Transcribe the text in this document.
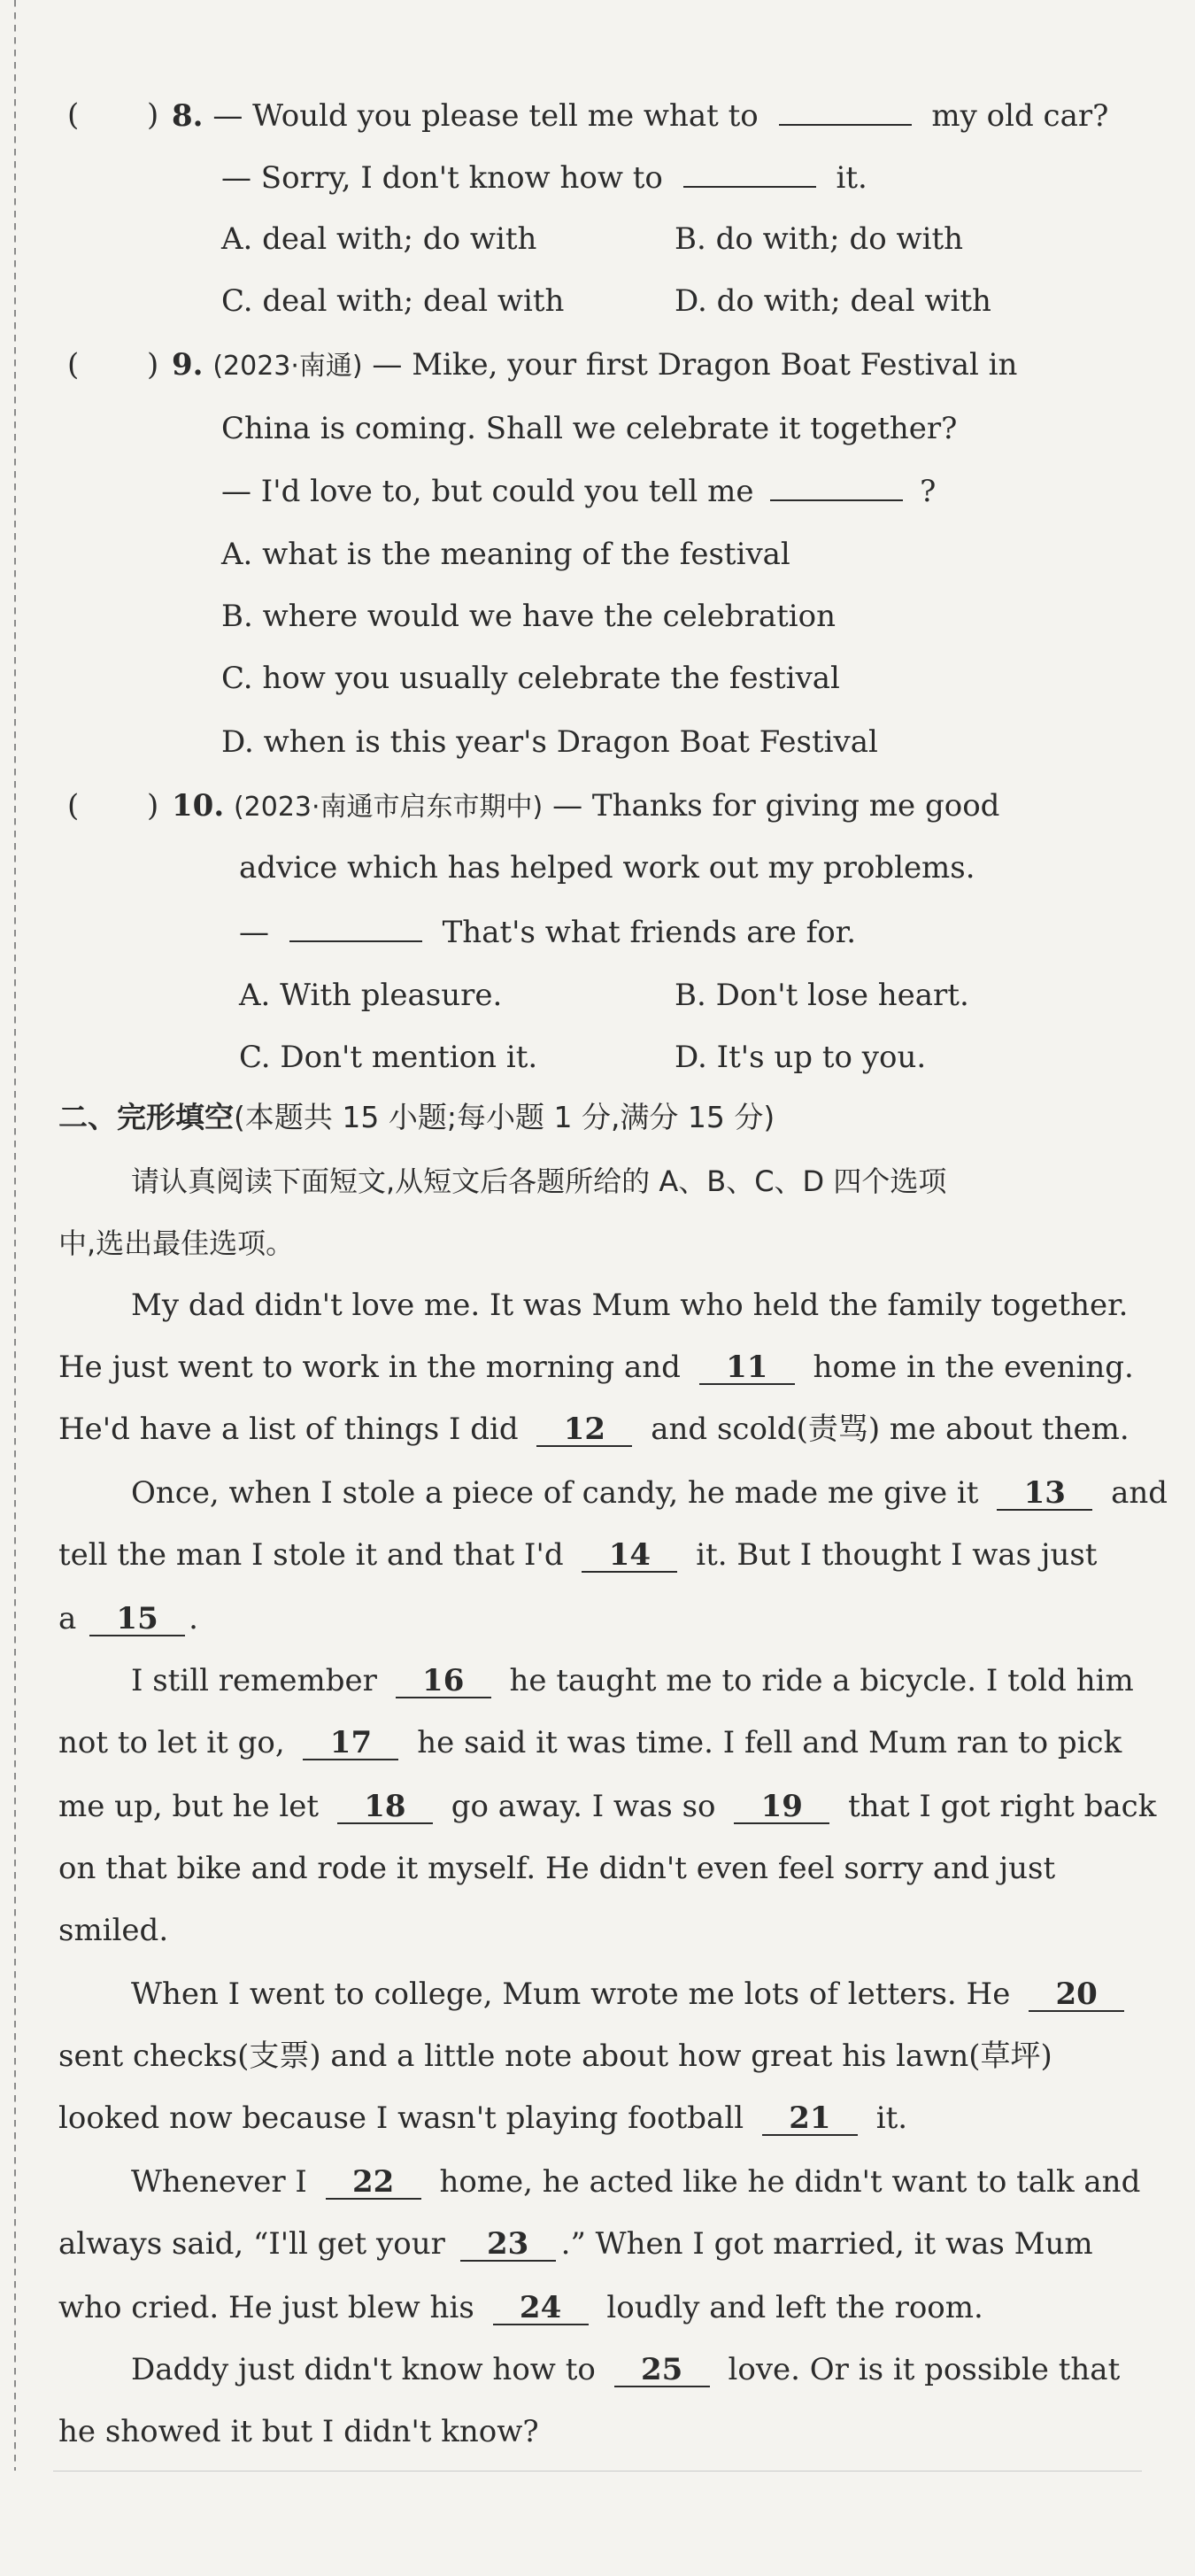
( ) 8. — Would you please tell me what to	my old car?
— Sorry, I don't know how to	it.
A. deal with; do with	B. do with; do with
C. deal with; deal with	D. do with; deal with
( ) 9. (2023·南通) — Mike, your first Dragon Boat Festival in
China is coming. Shall we celebrate it together?
— I'd love to, but could you tell me	?
A. what is the meaning of the festival
B. where would we have the celebration
C. how you usually celebrate the festival
D. when is this year's Dragon Boat Festival
( ) 10. (2023·南通市启东市期中) — Thanks for giving me good
advice which has helped work out my problems.
—	That's what friends are for.
A. With pleasure.	B. Don't lose heart.
C. Don't mention it.	D. It's up to you.
二、完形填空(本题共 15 小题;每小题 1 分,满分 15 分)
请认真阅读下面短文,从短文后各题所给的 A、B、C、D 四个选项
中,选出最佳选项。
My dad didn't love me. It was Mum who held the family together.
He just went to work in the morning and 11 home in the evening.
He'd have a list of things I did 12 and scold(责骂) me about them.
Once, when I stole a piece of candy, he made me give it 13 and
tell the man I stole it and that I'd 14 it. But I thought I was just
a 15 .
I still remember 16 he taught me to ride a bicycle. I told him
not to let it go, 17 he said it was time. I fell and Mum ran to pick
me up, but he let 18 go away. I was so 19 that I got right back
on that bike and rode it myself. He didn't even feel sorry and just
smiled.
When I went to college, Mum wrote me lots of letters. He 20
sent checks(支票) and a little note about how great his lawn(草坪)
looked now because I wasn't playing football 21 it.
Whenever I 22 home, he acted like he didn't want to talk and
always said, “I'll get your 23 .” When I got married, it was Mum
who cried. He just blew his 24 loudly and left the room.
Daddy just didn't know how to 25 love. Or is it possible that
he showed it but I didn't know?
